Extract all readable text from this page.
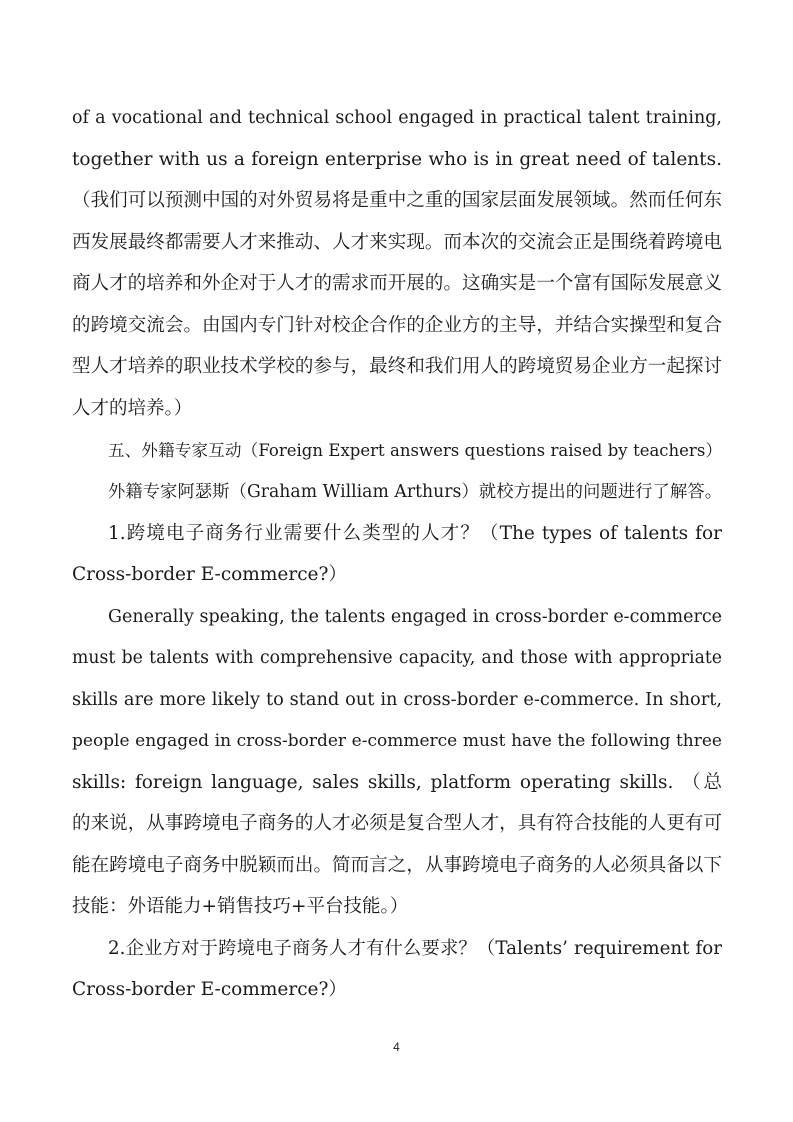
of a vocational and technical school engaged in practical talent training,
together with us a foreign enterprise who is in great need of talents.
（我们可以预测中国的对外贸易将是重中之重的国家层面发展领域。然而任何东
西发展最终都需要人才来推动、人才来实现。而本次的交流会正是围绕着跨境电
商人才的培养和外企对于人才的需求而开展的。这确实是一个富有国际发展意义
的跨境交流会。由国内专门针对校企合作的企业方的主导，并结合实操型和复合
型人才培养的职业技术学校的参与，最终和我们用人的跨境贸易企业方一起探讨
人才的培养。）
五、外籍专家互动（Foreign Expert answers questions raised by teachers）
外籍专家阿瑟斯（Graham William Arthurs）就校方提出的问题进行了解答。
1.跨境电子商务行业需要什么类型的人才？（The types of talents for
Cross-border E-commerce?）
Generally speaking, the talents engaged in cross-border e-commerce
must be talents with comprehensive capacity, and those with appropriate
skills are more likely to stand out in cross-border e-commerce. In short,
people engaged in cross-border e-commerce must have the following three
skills: foreign language, sales skills, platform operating skills. （总
的来说，从事跨境电子商务的人才必须是复合型人才，具有符合技能的人更有可
能在跨境电子商务中脱颖而出。简而言之，从事跨境电子商务的人必须具备以下
技能：外语能力+销售技巧+平台技能。）
2.企业方对于跨境电子商务人才有什么要求？（Talents’ requirement for
Cross-border E-commerce?）
4
